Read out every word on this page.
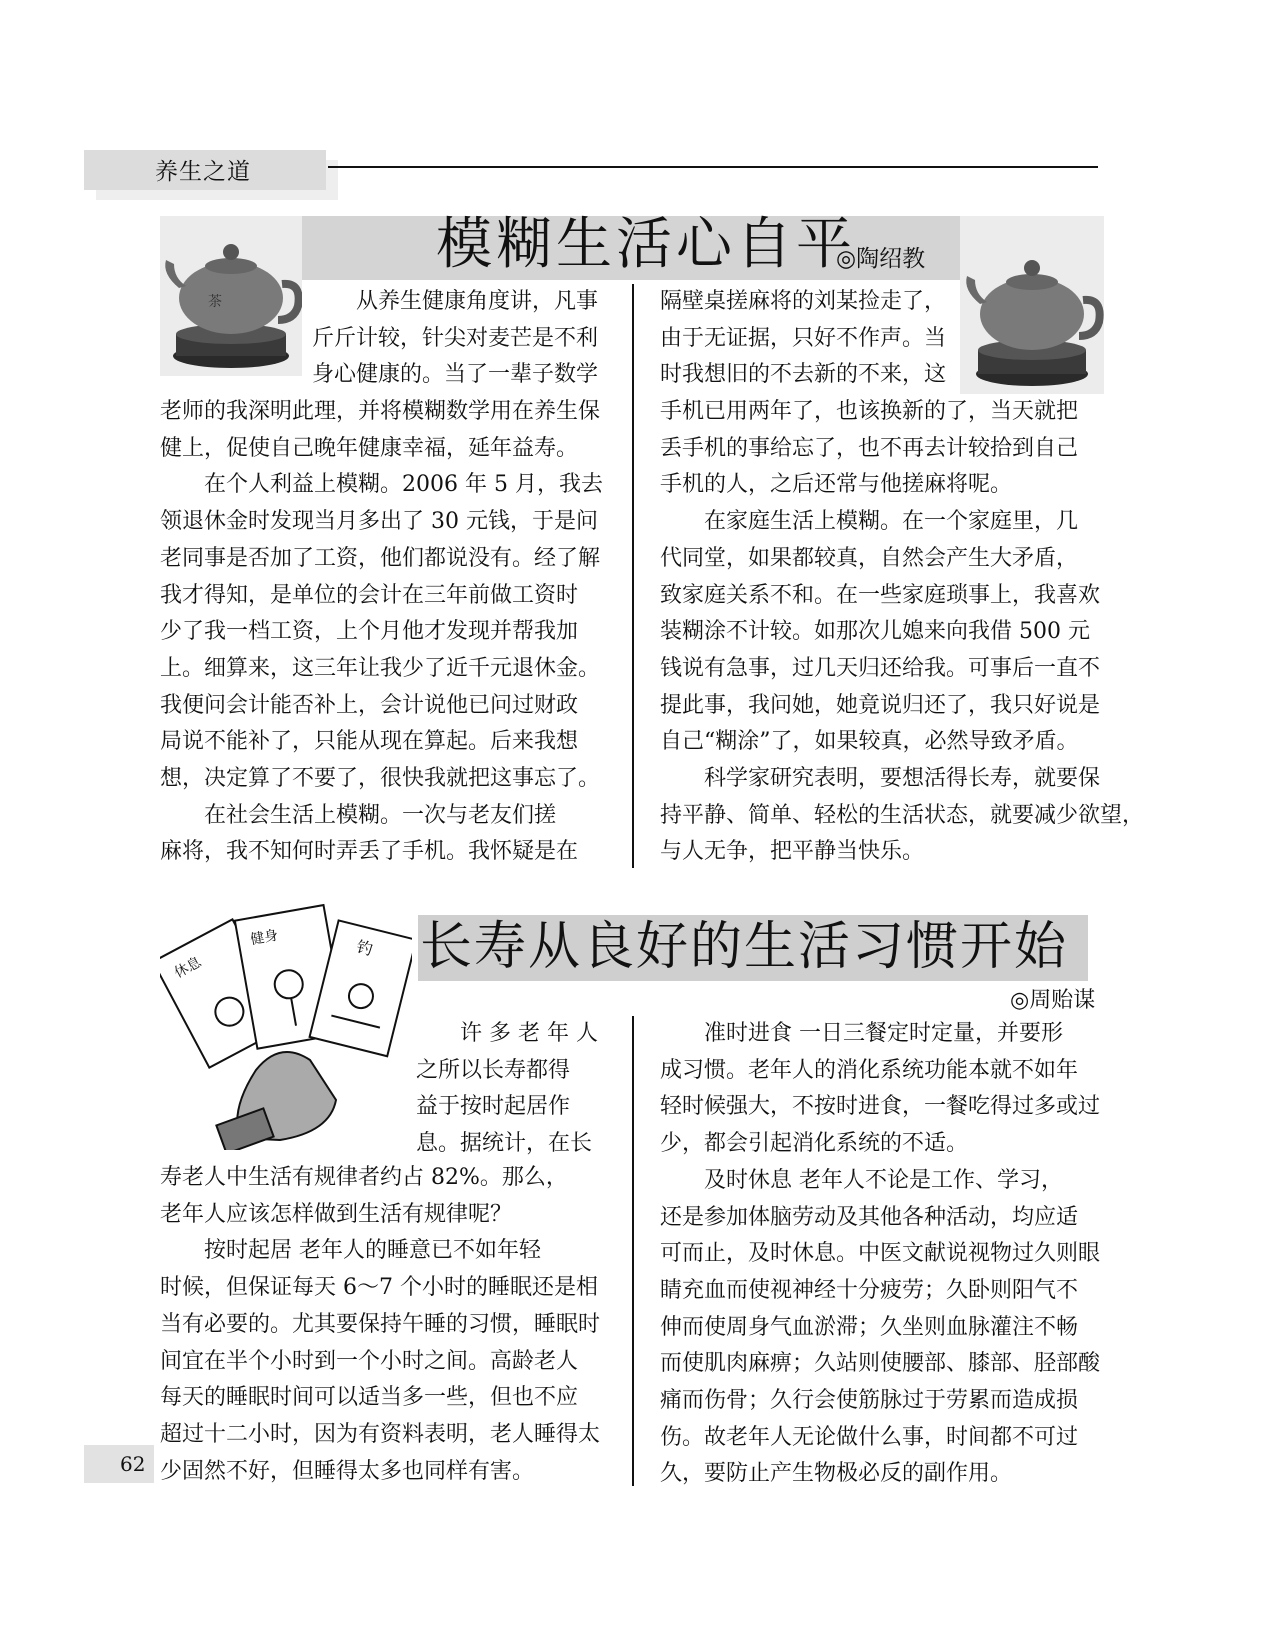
养生之道
模糊生活心自平
◎陶绍教
茶	从养生健康角度讲，凡事

斤斤计较，针尖对麦芒是不利

身心健康的。当了一辈子数学

老师的我深明此理，并将模糊数学用在养生保

健上，促使自己晚年健康幸福，延年益寿。

在个人利益上模糊。2006 年 5 月，我去

领退休金时发现当月多出了 30 元钱，于是问

老同事是否加了工资，他们都说没有。经了解

我才得知，是单位的会计在三年前做工资时

少了我一档工资，上个月他才发现并帮我加

上。细算来，这三年让我少了近千元退休金。

我便问会计能否补上，会计说他已问过财政

局说不能补了，只能从现在算起。后来我想

想，决定算了不要了，很快我就把这事忘了。

在社会生活上模糊。一次与老友们搓

麻将，我不知何时弄丢了手机。我怀疑是在

隔壁桌搓麻将的刘某捡走了，

由于无证据，只好不作声。当

时我想旧的不去新的不来，这

手机已用两年了，也该换新的了，当天就把

丢手机的事给忘了，也不再去计较拾到自己

手机的人，之后还常与他搓麻将呢。

在家庭生活上模糊。在一个家庭里，几

代同堂，如果都较真，自然会产生大矛盾，

致家庭关系不和。在一些家庭琐事上，我喜欢

装糊涂不计较。如那次儿媳来向我借 500 元

钱说有急事，过几天归还给我。可事后一直不

提此事，我问她，她竟说归还了，我只好说是

自己“糊涂”了，如果较真，必然导致矛盾。

科学家研究表明，要想活得长寿，就要保

持平静、简单、轻松的生活状态，就要减少欲望，

与人无争，把平静当快乐。

休息
健身	钓 长寿从良好的生活习惯开始
◎周贻谋

许 多 老 年 人

之所以长寿都得

益于按时起居作

息。据统计，在长

寿老人中生活有规律者约占 82%。那么，

老年人应该怎样做到生活有规律呢？

按时起居 老年人的睡意已不如年轻

时候，但保证每天 6～7 个小时的睡眠还是相

当有必要的。尤其要保持午睡的习惯，睡眠时

间宜在半个小时到一个小时之间。高龄老人

每天的睡眠时间可以适当多一些，但也不应

超过十二小时，因为有资料表明，老人睡得太

少固然不好，但睡得太多也同样有害。

准时进食 一日三餐定时定量，并要形

成习惯。老年人的消化系统功能本就不如年

轻时候强大，不按时进食，一餐吃得过多或过

少，都会引起消化系统的不适。

及时休息 老年人不论是工作、学习，

还是参加体脑劳动及其他各种活动，均应适

可而止，及时休息。中医文献说视物过久则眼

睛充血而使视神经十分疲劳；久卧则阳气不

伸而使周身气血淤滞；久坐则血脉灌注不畅

而使肌肉麻痹；久站则使腰部、膝部、胫部酸

痛而伤骨；久行会使筋脉过于劳累而造成损

伤。故老年人无论做什么事，时间都不可过

久，要防止产生物极必反的副作用。

62
